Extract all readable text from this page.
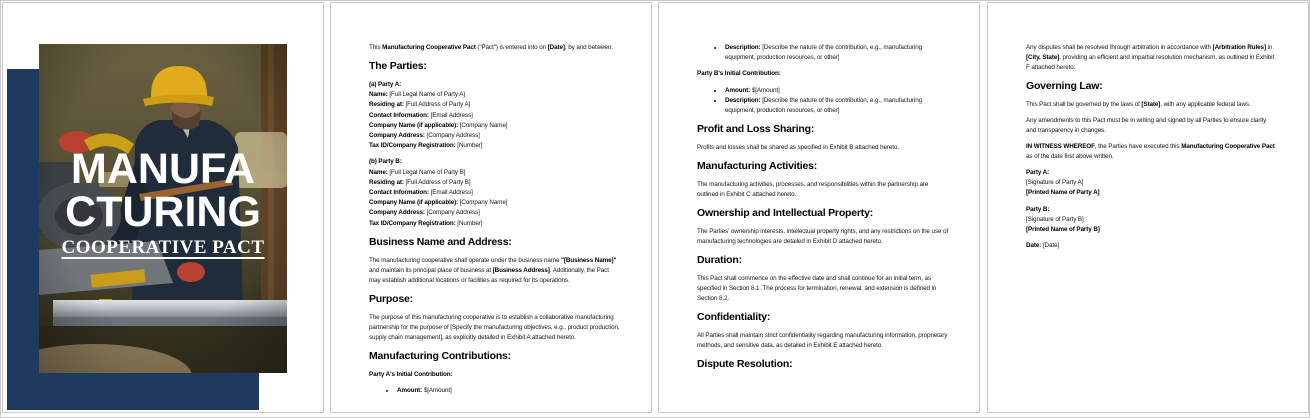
MANUFA
CTURING
COOPERATIVE PACT

This Manufacturing Cooperative Pact ("Pact") is entered into on [Date], by and between:

The Parties:
(a) Party A:
Name: [Full Legal Name of Party A]
Residing at: [Full Address of Party A]
Contact Information: [Email Address]
Company Name (if applicable): [Company Name]
Company Address: [Company Address]
Tax ID/Company Registration: [Number]
(b) Party B:
Name: [Full Legal Name of Party B]
Residing at: [Full Address of Party B]
Contact Information: [Email Address]
Company Name (if applicable): [Company Name]
Company Address: [Company Address]
Tax ID/Company Registration: [Number]
Business Name and Address:

The manufacturing cooperative shall operate under the business name "[Business Name]" and maintain its principal place of business at [Business Address]. Additionally, the Pact may establish additional locations or facilities as required for its operations.

Purpose:

The purpose of this manufacturing cooperative is to establish a collaborative manufacturing partnership for the purpose of [Specify the manufacturing objectives, e.g., product production, supply chain management], as explicitly detailed in Exhibit A attached hereto.

Manufacturing Contributions:
Party A's Initial Contribution:
• Amount: $[Amount]
• Description: [Describe the nature of the contribution, e.g., manufacturing equipment, production resources, or other]
Party B's Initial Contribution:
• Amount: $[Amount]
• Description: [Describe the nature of the contribution, e.g., manufacturing equipment, production resources, or other]
Profit and Loss Sharing:

Profits and losses shall be shared as specified in Exhibit B attached hereto.

Manufacturing Activities:

The manufacturing activities, processes, and responsibilities within the partnership are outlined in Exhibit C attached hereto.

Ownership and Intellectual Property:

The Parties' ownership interests, intellectual property rights, and any restrictions on the use of manufacturing technologies are detailed in Exhibit D attached hereto.

Duration:

This Pact shall commence on the effective date and shall continue for an initial term, as specified in Section 8.1. The process for termination, renewal, and extension is defined in Section 8.2.

Confidentiality:

All Parties shall maintain strict confidentiality regarding manufacturing information, proprietary methods, and sensitive data, as detailed in Exhibit E attached hereto.

Dispute Resolution:

Any disputes shall be resolved through arbitration in accordance with [Arbitration Rules] in [City, State], providing an efficient and impartial resolution mechanism, as outlined in Exhibit F attached hereto.

Governing Law:

This Pact shall be governed by the laws of [State], with any applicable federal laws.

Any amendments to this Pact must be in writing and signed by all Parties to ensure clarity and transparency in changes.

IN WITNESS WHEREOF, the Parties have executed this Manufacturing Cooperative Pact as of the date first above written.

Party A:
[Signature of Party A]
[Printed Name of Party A]
Party B:
[Signature of Party B]
[Printed Name of Party B]
Date: [Date]
